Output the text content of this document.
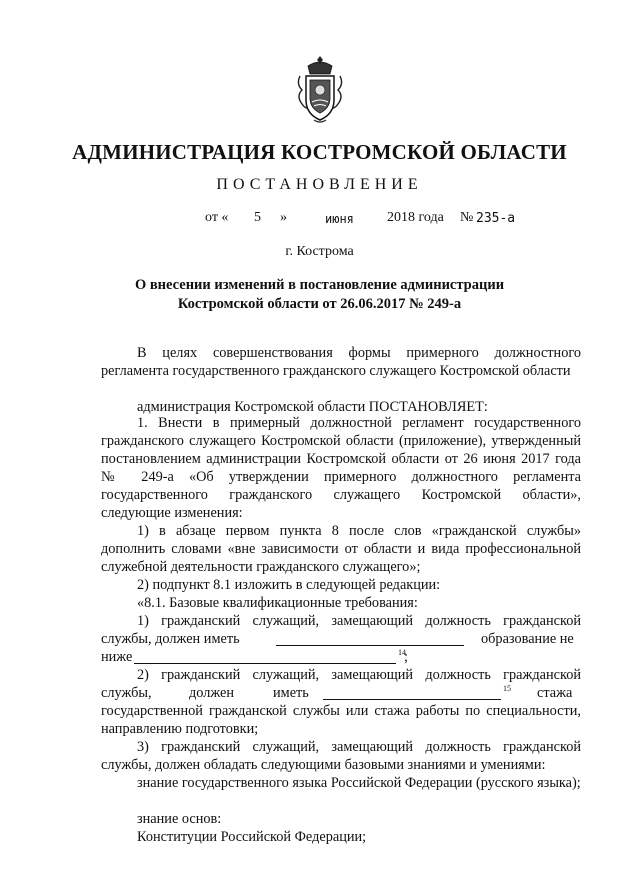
АДМИНИСТРАЦИЯ КОСТРОМСКОЙ ОБЛАСТИ
ПОСТАНОВЛЕНИЕ
от « 5 »	июня 2018 года № 235-а
г. Кострома
О внесении изменений в постановление администрации
Костромской области от 26.06.2017 № 249-а
В целях совершенствования формы примерного должностного регламента государственного гражданского служащего Костромской области
администрация Костромской области ПОСТАНОВЛЯЕТ:
1. Внести в примерный должностной регламент государственного гражданского служащего Костромской области (приложение), утвержденный постановлением администрации Костромской области от 26 июня 2017 года № 249-а «Об утверждении примерного должностного регламента государственного гражданского служащего Костромской области», следующие изменения:
1) в абзаце первом пункта 8 после слов «гражданской службы» дополнить словами «вне зависимости от области и вида профессиональной служебной деятельности гражданского служащего»;
2) подпункт 8.1 изложить в следующей редакции:
«8.1. Базовые квалификационные требования:
1) гражданский служащий, замещающий должность гражданской
службы, должен иметь	образование не
ниже	14
;
2) гражданский служащий, замещающий должность гражданской
службы,	должен	иметь	15 стажа
государственной гражданской службы или стажа работы по специальности, направлению подготовки;
3) гражданский служащий, замещающий должность гражданской службы, должен обладать следующими базовыми знаниями и умениями:
знание государственного языка Российской Федерации (русского языка);
знание основ:
Конституции Российской Федерации;
